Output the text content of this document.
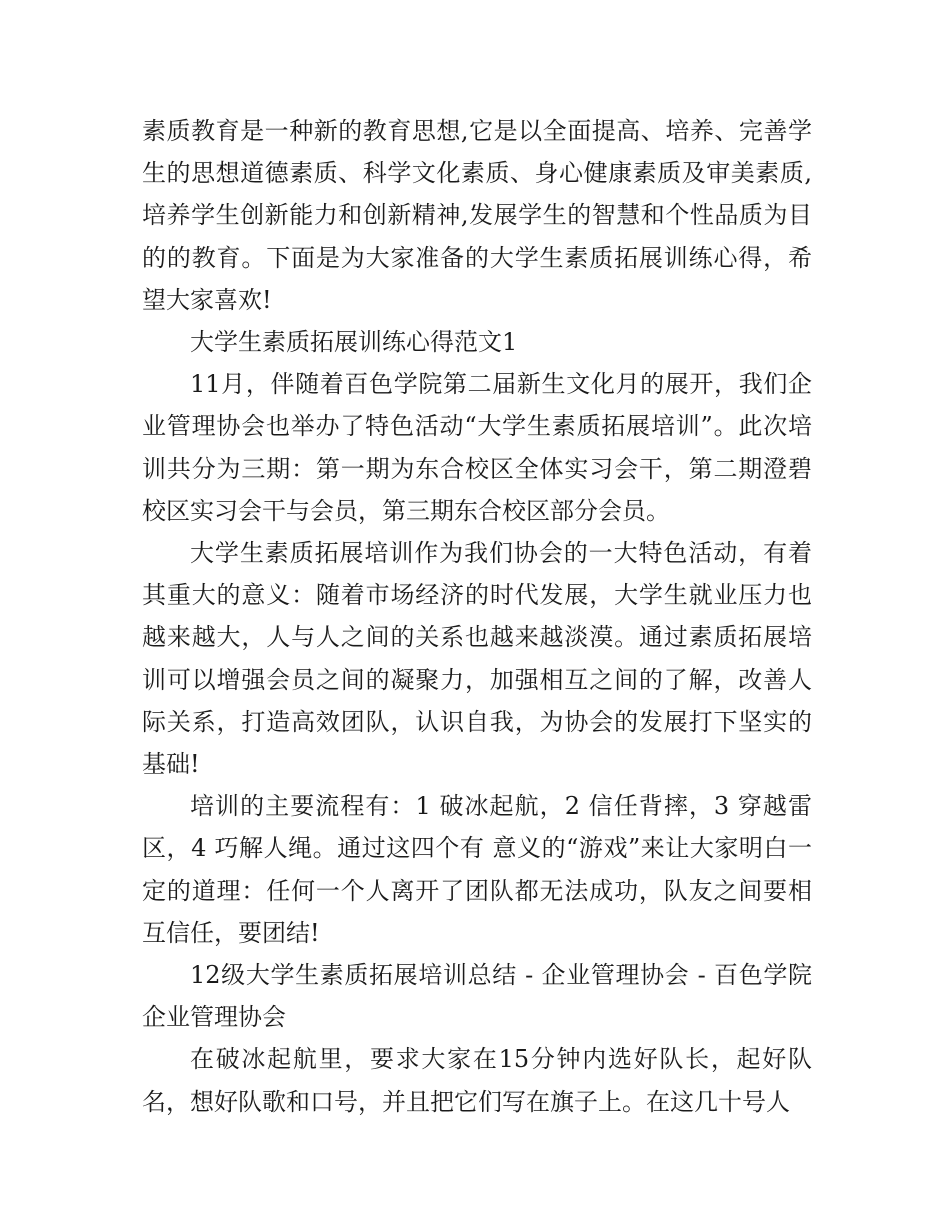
素质教育是一种新的教育思想,它是以全面提高、培养、完善学生的思想道德素质、科学文化素质、身心健康素质及审美素质,培养学生创新能力和创新精神,发展学生的智慧和个性品质为目的的教育。下面是为大家准备的大学生素质拓展训练心得，希望大家喜欢!

大学生素质拓展训练心得范文1

11月，伴随着百色学院第二届新生文化月的展开，我们企业管理协会也举办了特色活动“大学生素质拓展培训”。此次培训共分为三期：第一期为东合校区全体实习会干，第二期澄碧校区实习会干与会员，第三期东合校区部分会员。

大学生素质拓展培训作为我们协会的一大特色活动，有着其重大的意义：随着市场经济的时代发展，大学生就业压力也越来越大，人与人之间的关系也越来越淡漠。通过素质拓展培训可以增强会员之间的凝聚力，加强相互之间的了解，改善人际关系，打造高效团队，认识自我，为协会的发展打下坚实的基础!

培训的主要流程有：1 破冰起航，2 信任背摔，3 穿越雷区，4 巧解人绳。通过这四个有 意义的“游戏”来让大家明白一定的道理：任何一个人离开了团队都无法成功，队友之间要相互信任，要团结!

12级大学生素质拓展培训总结 - 企业管理协会 - 百色学院企业管理协会

在破冰起航里，要求大家在15分钟内选好队长，起好队名，想好队歌和口号，并且把它们写在旗子上。在这几十号人
